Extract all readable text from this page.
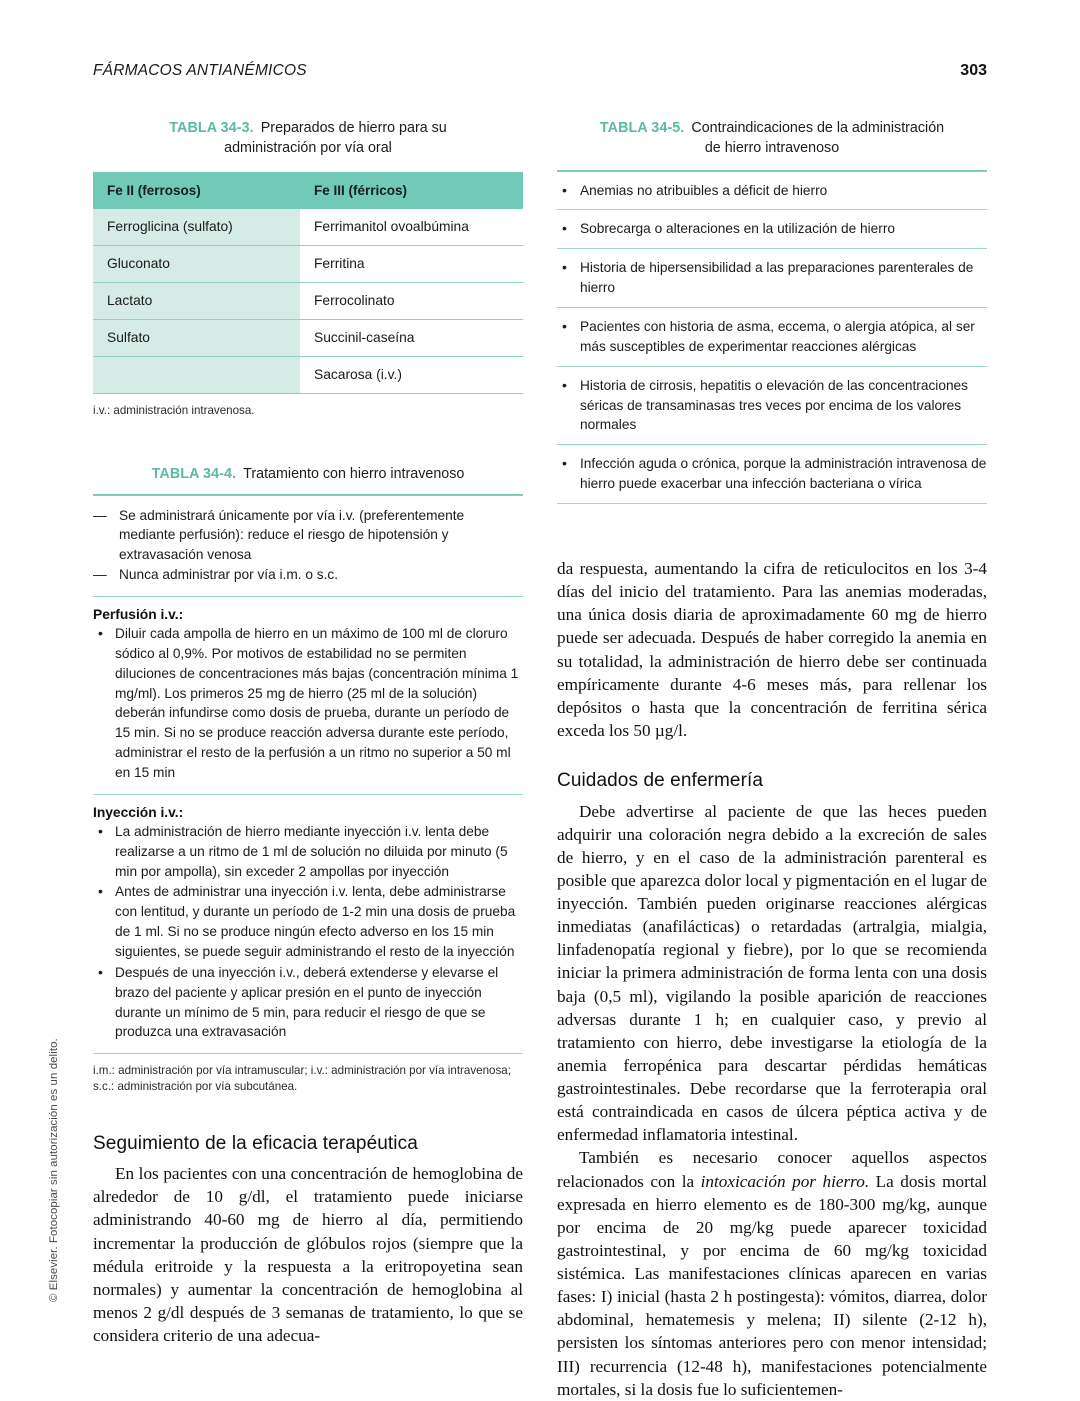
FÁRMACOS ANTIANÉMICOS	303
TABLA 34-3. Preparados de hierro para su
administración por vía oral
Fe II (ferrosos)	Fe III (férricos)
Ferroglicina (sulfato)	Ferrimanitol ovoalbúmina
Gluconato	Ferritina
Lactato	Ferrocolinato
Sulfato	Succinil-caseína
	Sacarosa (i.v.)
i.v.: administración intravenosa.
TABLA 34-4. Tratamiento con hierro intravenoso
— Se administrará únicamente por vía i.v. (preferentemente mediante perfusión): reduce el riesgo de hipotensión y extravasación venosa
— Nunca administrar por vía i.m. o s.c.
Perfusión i.v.:
• Diluir cada ampolla de hierro en un máximo de 100 ml de cloruro sódico al 0,9%. Por motivos de estabilidad no se permiten diluciones de concentraciones más bajas (concentración mínima 1 mg/ml). Los primeros 25 mg de hierro (25 ml de la solución) deberán infundirse como dosis de prueba, durante un período de 15 min. Si no se produce reacción adversa durante este período, administrar el resto de la perfusión a un ritmo no superior a 50 ml en 15 min
Inyección i.v.:
• La administración de hierro mediante inyección i.v. lenta debe realizarse a un ritmo de 1 ml de solución no diluida por minuto (5 min por ampolla), sin exceder 2 ampollas por inyección
• Antes de administrar una inyección i.v. lenta, debe administrarse con lentitud, y durante un período de 1-2 min una dosis de prueba de 1 ml. Si no se produce ningún efecto adverso en los 15 min siguientes, se puede seguir administrando el resto de la inyección
• Después de una inyección i.v., deberá extenderse y elevarse el brazo del paciente y aplicar presión en el punto de inyección durante un mínimo de 5 min, para reducir el riesgo de que se produzca una extravasación
i.m.: administración por vía intramuscular; i.v.: administración por vía intravenosa; s.c.: administración por vía subcutánea.
Seguimiento de la eficacia terapéutica

En los pacientes con una concentración de hemoglobina de alrededor de 10 g/dl, el tratamiento puede iniciarse administrando 40-60 mg de hierro al día, permitiendo incrementar la producción de glóbulos rojos (siempre que la médula eritroide y la respuesta a la eritropoyetina sean normales) y aumentar la concentración de hemoglobina al menos 2 g/dl después de 3 semanas de tratamiento, lo que se considera criterio de una adecua-

TABLA 34-5. Contraindicaciones de la administración
de hierro intravenoso
• Anemias no atribuibles a déficit de hierro
• Sobrecarga o alteraciones en la utilización de hierro
• Historia de hipersensibilidad a las preparaciones parenterales de hierro
• Pacientes con historia de asma, eccema, o alergia atópica, al ser más susceptibles de experimentar reacciones alérgicas
• Historia de cirrosis, hepatitis o elevación de las concentraciones séricas de transaminasas tres veces por encima de los valores normales
• Infección aguda o crónica, porque la administración intravenosa de hierro puede exacerbar una infección bacteriana o vírica

da respuesta, aumentando la cifra de reticulocitos en los 3-4 días del inicio del tratamiento. Para las anemias moderadas, una única dosis diaria de aproximadamente 60 mg de hierro puede ser adecuada. Después de haber corregido la anemia en su totalidad, la administración de hierro debe ser continuada empíricamente durante 4-6 meses más, para rellenar los depósitos o hasta que la concentración de ferritina sérica exceda los 50 µg/l.

Cuidados de enfermería

Debe advertirse al paciente de que las heces pueden adquirir una coloración negra debido a la excreción de sales de hierro, y en el caso de la administración parenteral es posible que aparezca dolor local y pigmentación en el lugar de inyección. También pueden originarse reacciones alérgicas inmediatas (anafilácticas) o retardadas (artralgia, mialgia, linfadenopatía regional y fiebre), por lo que se recomienda iniciar la primera administración de forma lenta con una dosis baja (0,5 ml), vigilando la posible aparición de reacciones adversas durante 1 h; en cualquier caso, y previo al tratamiento con hierro, debe investigarse la etiología de la anemia ferropénica para descartar pérdidas hemáticas gastrointestinales. Debe recordarse que la ferroterapia oral está contraindicada en casos de úlcera péptica activa y de enfermedad inflamatoria intestinal.

También es necesario conocer aquellos aspectos relacionados con la intoxicación por hierro. La dosis mortal expresada en hierro elemento es de 180-300 mg/kg, aunque por encima de 20 mg/kg puede aparecer toxicidad gastrointestinal, y por encima de 60 mg/kg toxicidad sistémica. Las manifestaciones clínicas aparecen en varias fases: I) inicial (hasta 2 h postingesta): vómitos, diarrea, dolor abdominal, hematemesis y melena; II) silente (2-12 h), persisten los síntomas anteriores pero con menor intensidad; III) recurrencia (12-48 h), manifestaciones potencialmente mortales, si la dosis fue lo suficientemen-

© Elsevier. Fotocopiar sin autorización es un delito.
